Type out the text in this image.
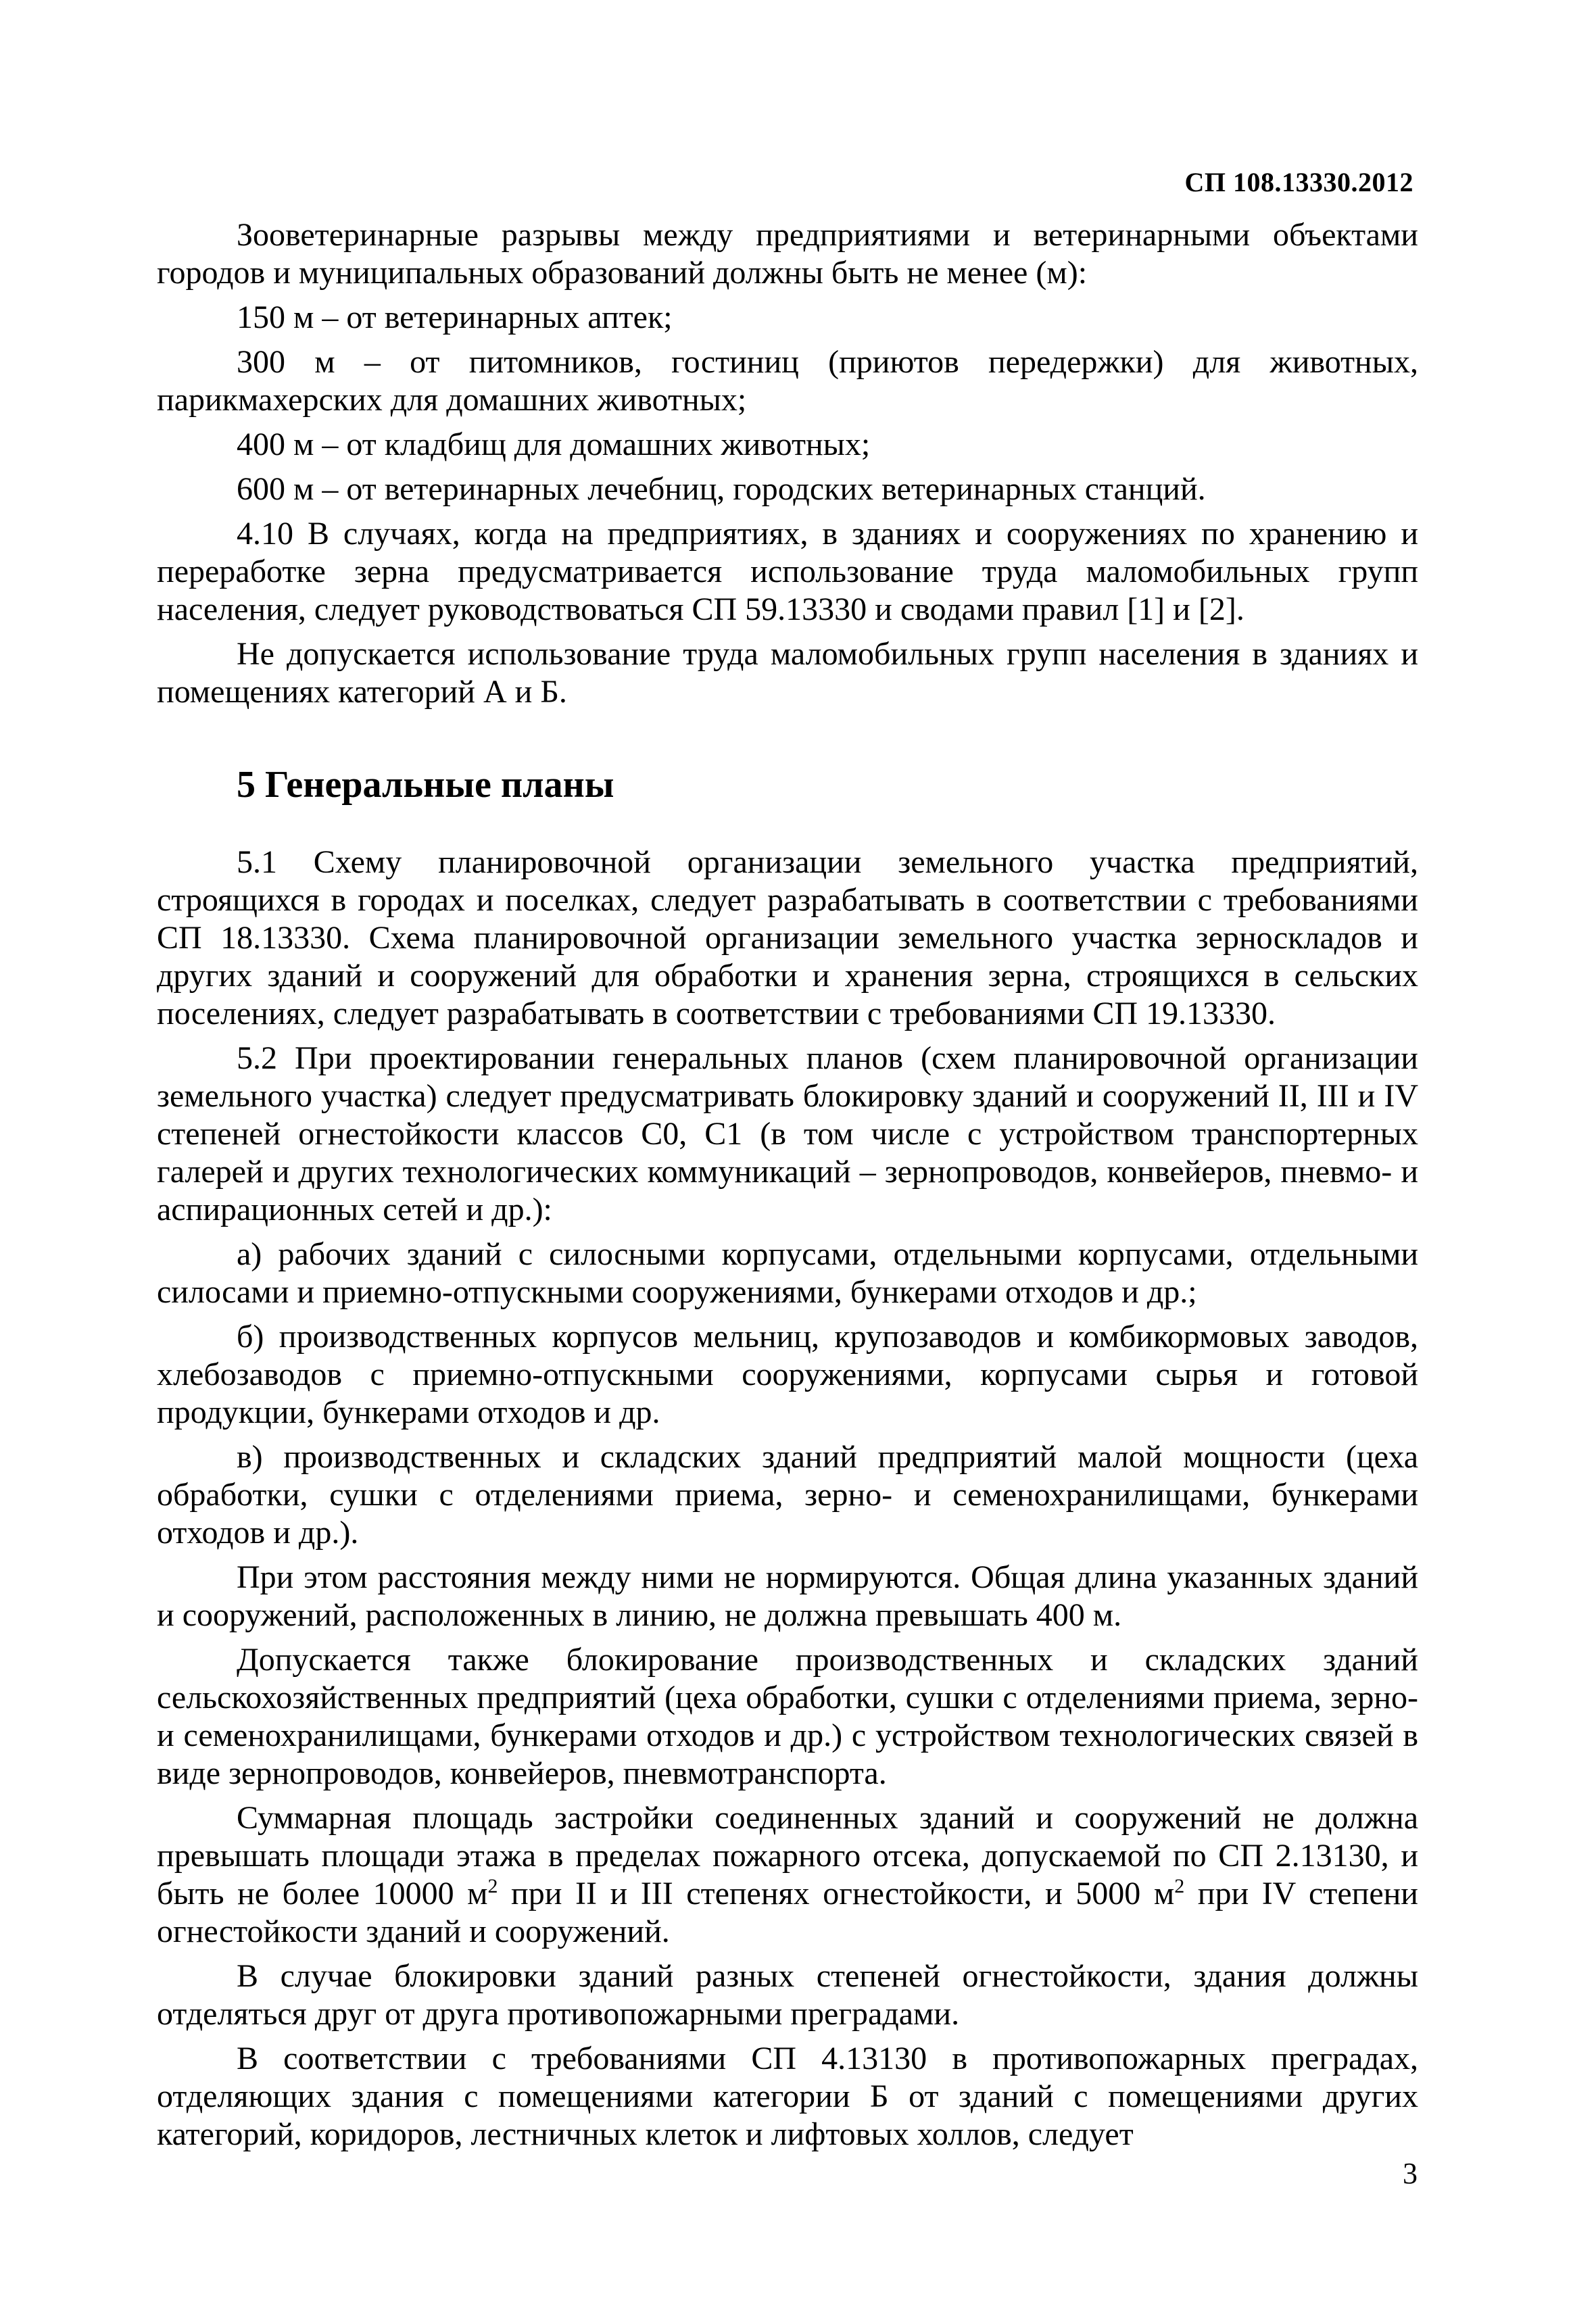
СП 108.13330.2012

Зооветеринарные разрывы между предприятиями и ветеринарными объектами городов и муниципальных образований должны быть не менее (м):

150 м – от ветеринарных аптек;

300 м – от питомников, гостиниц (приютов передержки) для животных, парикмахерских для домашних животных;

400 м – от кладбищ для домашних животных;

600 м – от ветеринарных лечебниц, городских ветеринарных станций.

4.10 В случаях, когда на предприятиях, в зданиях и сооружениях по хранению и переработке зерна предусматривается использование труда маломобильных групп населения, следует руководствоваться СП 59.13330 и сводами правил [1] и [2].

Не допускается использование труда маломобильных групп населения в зданиях и помещениях категорий А и Б.

5 Генеральные планы

5.1 Схему планировочной организации земельного участка предприятий, строящихся в городах и поселках, следует разрабатывать в соответствии с требованиями СП 18.13330. Схема планировочной организации земельного участка зерноскладов и других зданий и сооружений для обработки и хранения зерна, строящихся в сельских поселениях, следует разрабатывать в соответствии с требованиями СП 19.13330.

5.2 При проектировании генеральных планов (схем планировочной организации земельного участка) следует предусматривать блокировку зданий и сооружений II, III и IV степеней огнестойкости классов С0, С1 (в том числе с устройством транспортерных галерей и других технологических коммуникаций – зернопроводов, конвейеров, пневмо- и аспирационных сетей и др.):

а) рабочих зданий с силосными корпусами, отдельными корпусами, отдельными силосами и приемно-отпускными сооружениями, бункерами отходов и др.;

б) производственных корпусов мельниц, крупозаводов и комбикормовых заводов, хлебозаводов с приемно-отпускными сооружениями, корпусами сырья и готовой продукции, бункерами отходов и др.

в) производственных и складских зданий предприятий малой мощности (цеха обработки, сушки с отделениями приема, зерно- и семенохранилищами, бункерами отходов и др.).

При этом расстояния между ними не нормируются. Общая длина указанных зданий и сооружений, расположенных в линию, не должна превышать 400 м.

Допускается также блокирование производственных и складских зданий сельскохозяйственных предприятий (цеха обработки, сушки с отделениями приема, зерно- и семенохранилищами, бункерами отходов и др.) с устройством технологических связей в виде зернопроводов, конвейеров, пневмотранспорта.

Суммарная площадь застройки соединенных зданий и сооружений не должна превышать площади этажа в пределах пожарного отсека, допускаемой по СП 2.13130, и быть не более 10000 $м^2$ при II и III степенях огнестойкости, и 5000 $м^2$ при IV степени огнестойкости зданий и сооружений.

В случае блокировки зданий разных степеней огнестойкости, здания должны отделяться друг от друга противопожарными преградами.

В соответствии с требованиями СП 4.13130 в противопожарных преградах, отделяющих здания с помещениями категории Б от зданий с помещениями других категорий, коридоров, лестничных клеток и лифтовых холлов, следует

3
